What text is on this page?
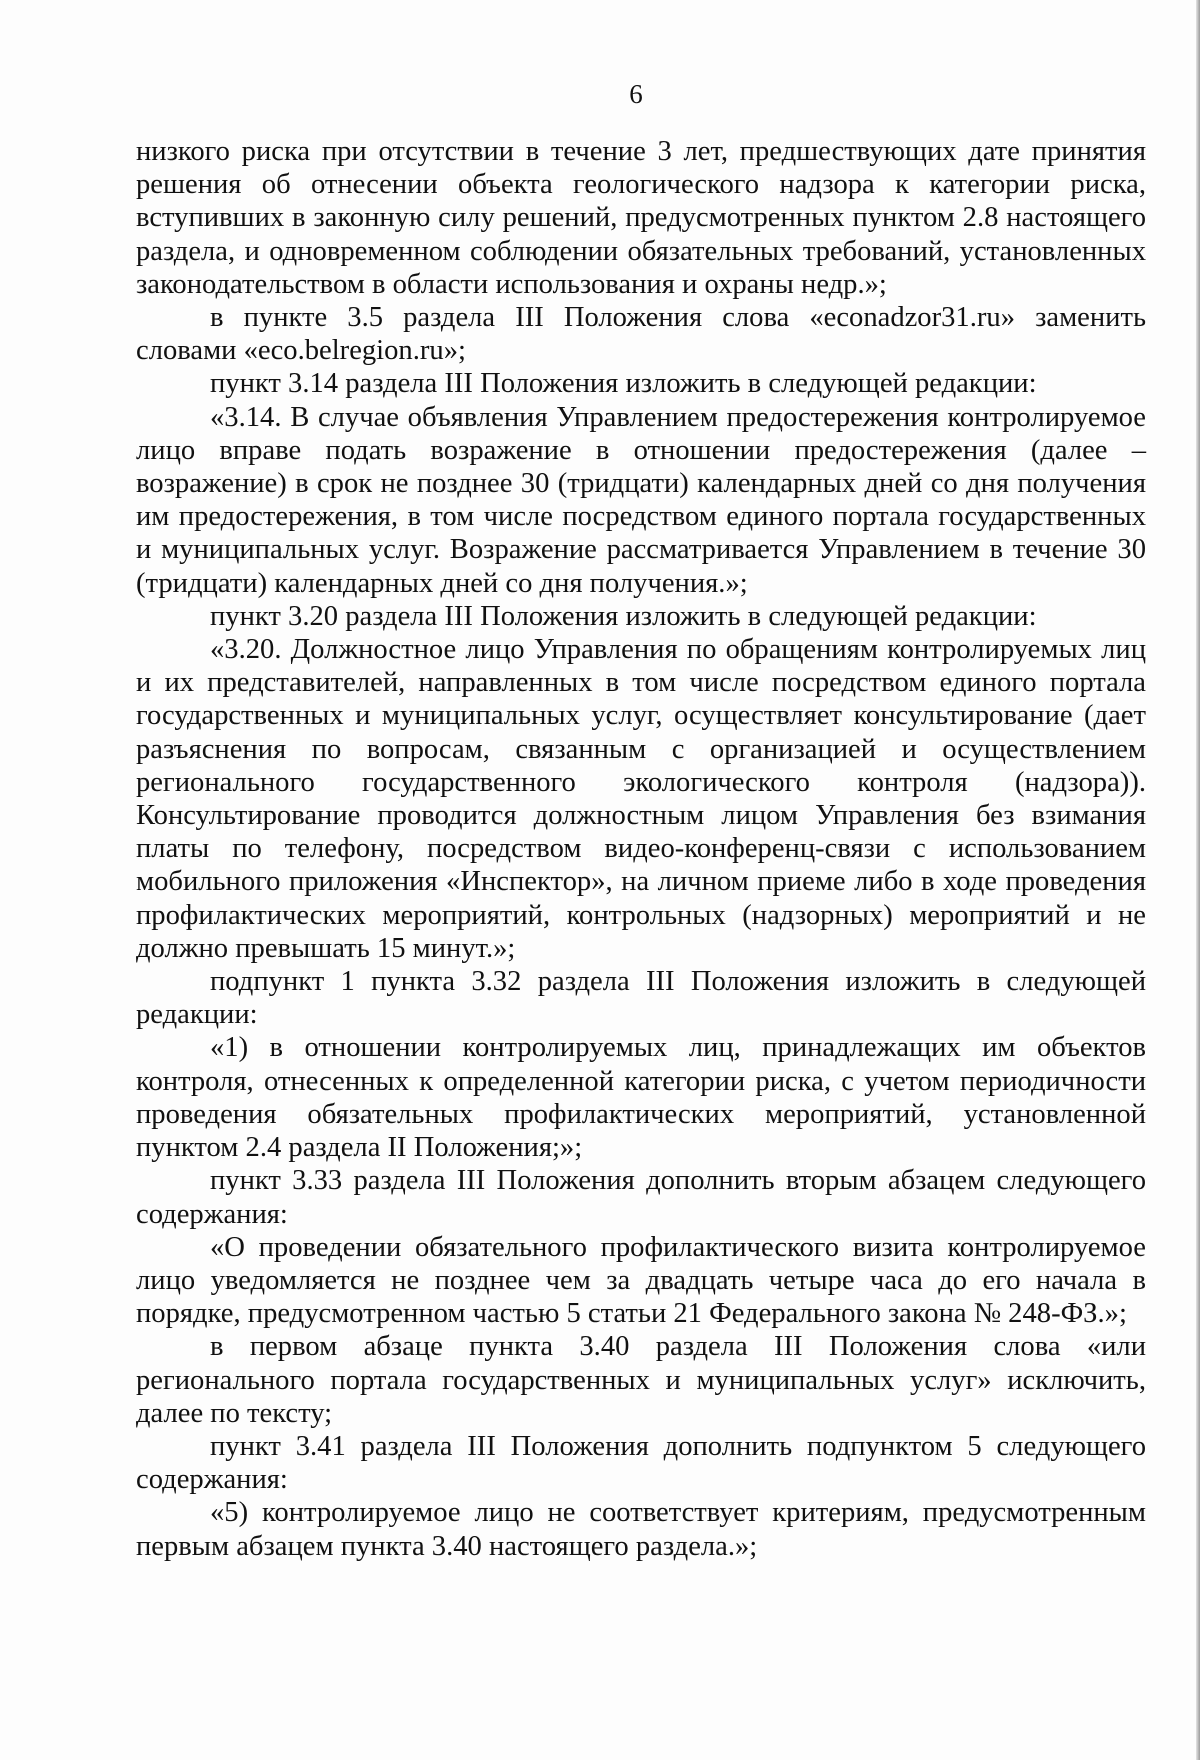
6

низкого риска при отсутствии в течение 3 лет, предшествующих дате принятия решения об отнесении объекта геологического надзора к категории риска, вступивших в законную силу решений, предусмотренных пунктом 2.8 настоящего раздела, и одновременном соблюдении обязательных требований, установленных законодательством в области использования и охраны недр.»;

в пункте 3.5 раздела III Положения слова «econadzor31.ru» заменить словами «eco.belregion.ru»;

пункт 3.14 раздела III Положения изложить в следующей редакции:

«3.14. В случае объявления Управлением предостережения контролируемое лицо вправе подать возражение в отношении предостережения (далее – возражение) в срок не позднее 30 (тридцати) календарных дней со дня получения им предостережения, в том числе посредством единого портала государственных и муниципальных услуг. Возражение рассматривается Управлением в течение 30 (тридцати) календарных дней со дня получения.»;

пункт 3.20 раздела III Положения изложить в следующей редакции:

«3.20. Должностное лицо Управления по обращениям контролируемых лиц и их представителей, направленных в том числе посредством единого портала государственных и муниципальных услуг, осуществляет консультирование (дает разъяснения по вопросам, связанным с организацией и осуществлением регионального государственного экологического контроля (надзора)). Консультирование проводится должностным лицом Управления без взимания платы по телефону, посредством видео-конференц-связи с использованием мобильного приложения «Инспектор», на личном приеме либо в ходе проведения профилактических мероприятий, контрольных (надзорных) мероприятий и не должно превышать 15 минут.»;

подпункт 1 пункта 3.32 раздела III Положения изложить в следующей редакции:

«1) в отношении контролируемых лиц, принадлежащих им объектов контроля, отнесенных к определенной категории риска, с учетом периодичности проведения обязательных профилактических мероприятий, установленной пунктом 2.4 раздела II Положения;»;

пункт 3.33 раздела III Положения дополнить вторым абзацем следующего содержания:

«О проведении обязательного профилактического визита контролируемое лицо уведомляется не позднее чем за двадцать четыре часа до его начала в порядке, предусмотренном частью 5 статьи 21 Федерального закона № 248-ФЗ.»;

в первом абзаце пункта 3.40 раздела III Положения слова «или регионального портала государственных и муниципальных услуг» исключить, далее по тексту;

пункт 3.41 раздела III Положения дополнить подпунктом 5 следующего содержания:

«5) контролируемое лицо не соответствует критериям, предусмотренным первым абзацем пункта 3.40 настоящего раздела.»;
